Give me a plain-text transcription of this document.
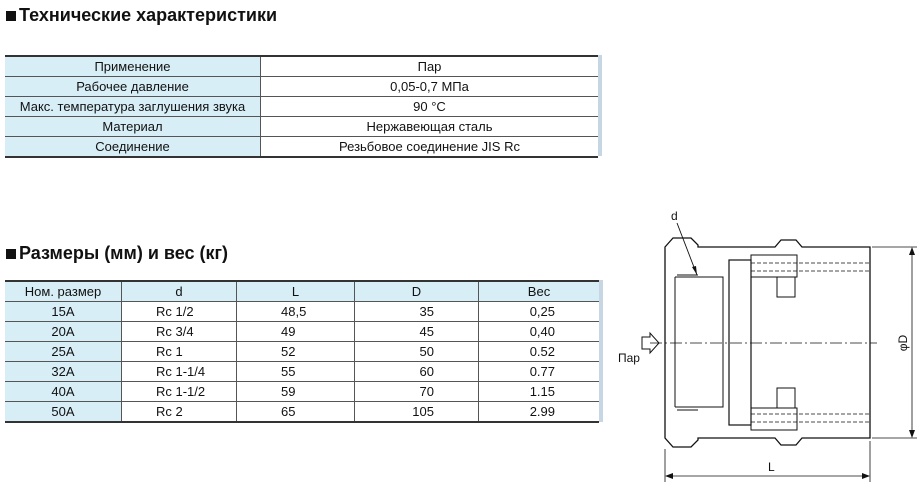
Технические характеристики
Применение	Пар
Рабочее давление	0,05-0,7 МПа
Макс. температура заглушения звука	90 °C
Материал	Нержавеющая сталь
Соединение	Резьбовое соединение JIS Rc
Размеры (мм) и вес (кг)
Ном. размер	d	L	D	Вес
15A	Rc 1/2	48,5	35	0,25
20A	Rc 3/4	49	45	0,40
25A	Rc 1	52	50	0.52
32A	Rc 1-1/4	55	60	0.77
40A	Rc 1-1/2	59	70	1.15
50A	Rc 2	65	105	2.99
d
Пар
L
φD
